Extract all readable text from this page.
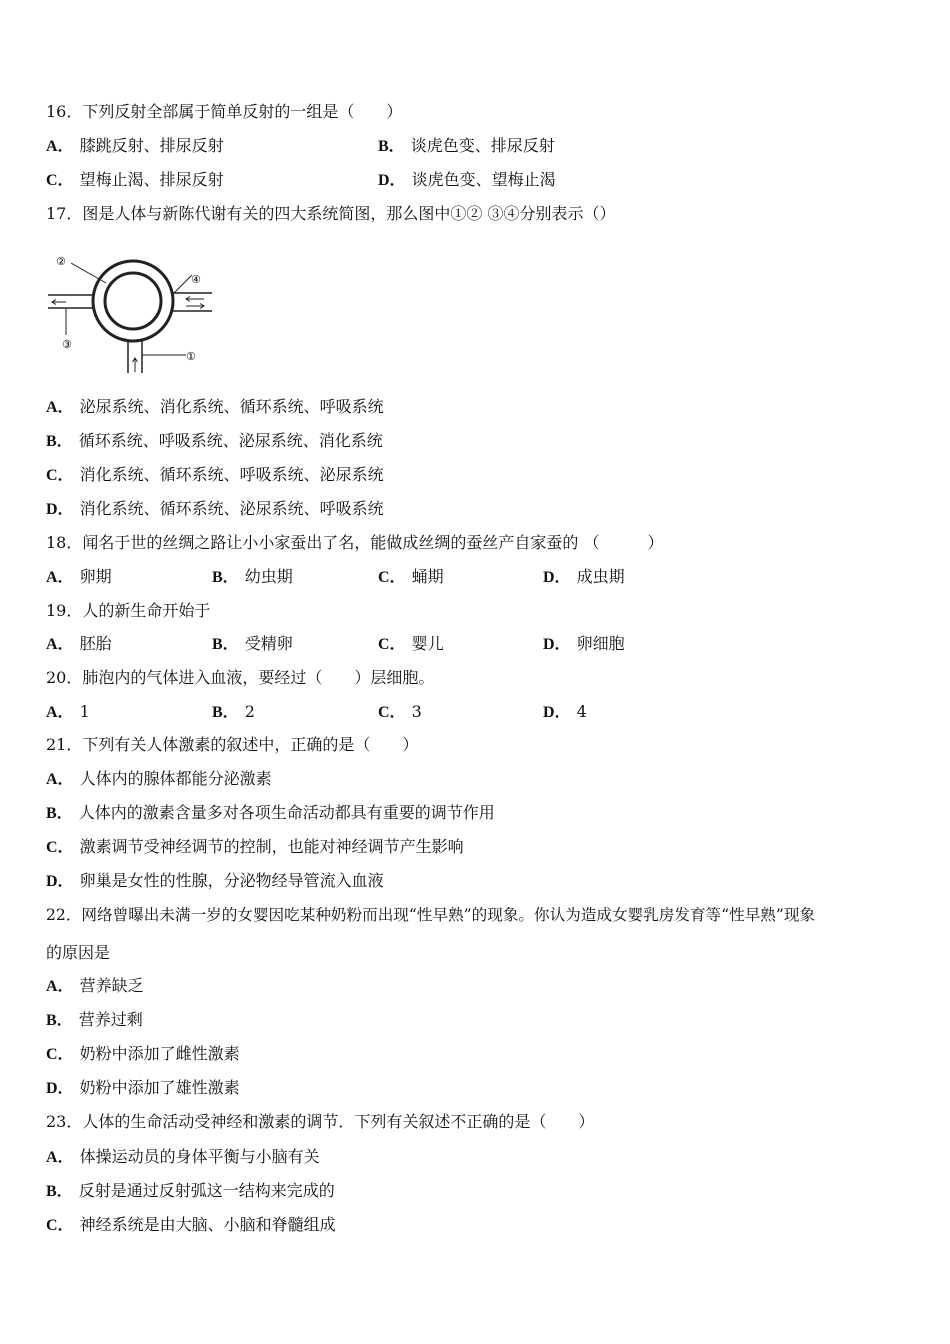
16．下列反射全部属于简单反射的一组是（　　）
A． 膝跳反射、排尿反射	B． 谈虎色变、排尿反射
C． 望梅止渴、排尿反射	D． 谈虎色变、望梅止渴
17．图是人体与新陈代谢有关的四大系统简图，那么图中①② ③④分别表示（）
②
④
③
①
A． 泌尿系统、消化系统、循环系统、呼吸系统
B． 循环系统、呼吸系统、泌尿系统、消化系统
C． 消化系统、循环系统、呼吸系统、泌尿系统
D． 消化系统、循环系统、泌尿系统、呼吸系统
18．闻名于世的丝绸之路让小小家蚕出了名，能做成丝绸的蚕丝产自家蚕的 （　　　）
A． 卵期	B． 幼虫期	C． 蛹期	D． 成虫期
19．人的新生命开始于
A． 胚胎	B． 受精卵	C． 婴儿	D． 卵细胞
20．肺泡内的气体进入血液，要经过（　　）层细胞。
A． 1	B． 2	C． 3	D． 4
21．下列有关人体激素的叙述中，正确的是（　　）
A． 人体内的腺体都能分泌激素
B． 人体内的激素含量多对各项生命活动都具有重要的调节作用
C． 激素调节受神经调节的控制，也能对神经调节产生影响
D． 卵巢是女性的性腺，分泌物经导管流入血液
22．网络曾曝出未满一岁的女婴因吃某种奶粉而出现“性早熟”的现象。你认为造成女婴乳房发育等“性早熟”现象
的原因是
A． 营养缺乏
B． 营养过剩
C． 奶粉中添加了雌性激素
D． 奶粉中添加了雄性激素
23．人体的生命活动受神经和激素的调节．下列有关叙述不正确的是（　　）
A． 体操运动员的身体平衡与小脑有关
B． 反射是通过反射弧这一结构来完成的
C． 神经系统是由大脑、小脑和脊髓组成
